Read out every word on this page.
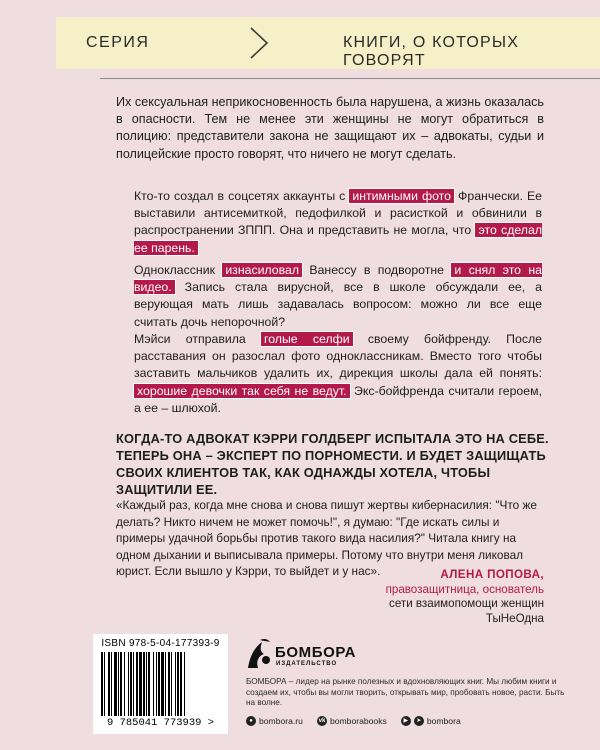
СЕРИЯ	КНИГИ, О КОТОРЫХ ГОВОРЯТ

Их сексуальная неприкосновенность была нарушена, а жизнь оказалась в опасности. Тем не менее эти женщины не могут обратиться в полицию: представители закона не защищают их – адвокаты, судьи и полицейские просто говорят, что ничего не могут сделать.

Кто-то создал в соцсетях аккаунты с интимными фото Франчески. Ее выставили антисемиткой, педофилкой и расисткой и обвинили в распространении ЗППП. Она и представить не могла, что это сделал ее парень.

Одноклассник изнасиловал Ванессу в подворотне и снял это на видео. Запись стала вирусной, все в школе обсуждали ее, а верующая мать лишь задавалась вопросом: можно ли все еще считать дочь непорочной?

Мэйси отправила голые селфи своему бойфренду. После расставания он разослал фото одноклассникам. Вместо того чтобы заставить мальчиков удалить их, дирекция школы дала ей понять: хорошие девочки так себя не ведут. Экс-бойфренда считали героем, а ее – шлюхой.

КОГДА-ТО АДВОКАТ КЭРРИ ГОЛДБЕРГ ИСПЫТАЛА ЭТО НА СЕБЕ. ТЕПЕРЬ ОНА – ЭКСПЕРТ ПО ПОРНОМЕСТИ. И БУДЕТ ЗАЩИЩАТЬ СВОИХ КЛИЕНТОВ ТАК, КАК ОДНАЖДЫ ХОТЕЛА, ЧТОБЫ ЗАЩИТИЛИ ЕЕ.

«Каждый раз, когда мне снова и снова пишут жертвы кибернасилия: "Что же делать? Никто ничем не может помочь!", я думаю: "Где искать силы и примеры удачной борьбы против такого вида насилия?" Читала книгу на одном дыхании и выписывала примеры. Потому что внутри меня ликовал юрист. Если вышло у Кэрри, то выйдет и у нас».	АЛЕНА ПОПОВА,
правозащитница, основатель
сети взаимопомощи женщин
ТыНеОдна
ISBN 978-5-04-177393-9
9 785041 773939 >
БОМБОРА
ИЗДАТЕЛЬСТВО

БОМБОРА – лидер на рынке полезных и вдохновляющих книг. Мы любим книги и создаем их, чтобы вы могли творить, открывать мир, пробовать новое, расти. Быть на волне.

● bombora.ru	vk bomborabooks	▶	➤ bombora
